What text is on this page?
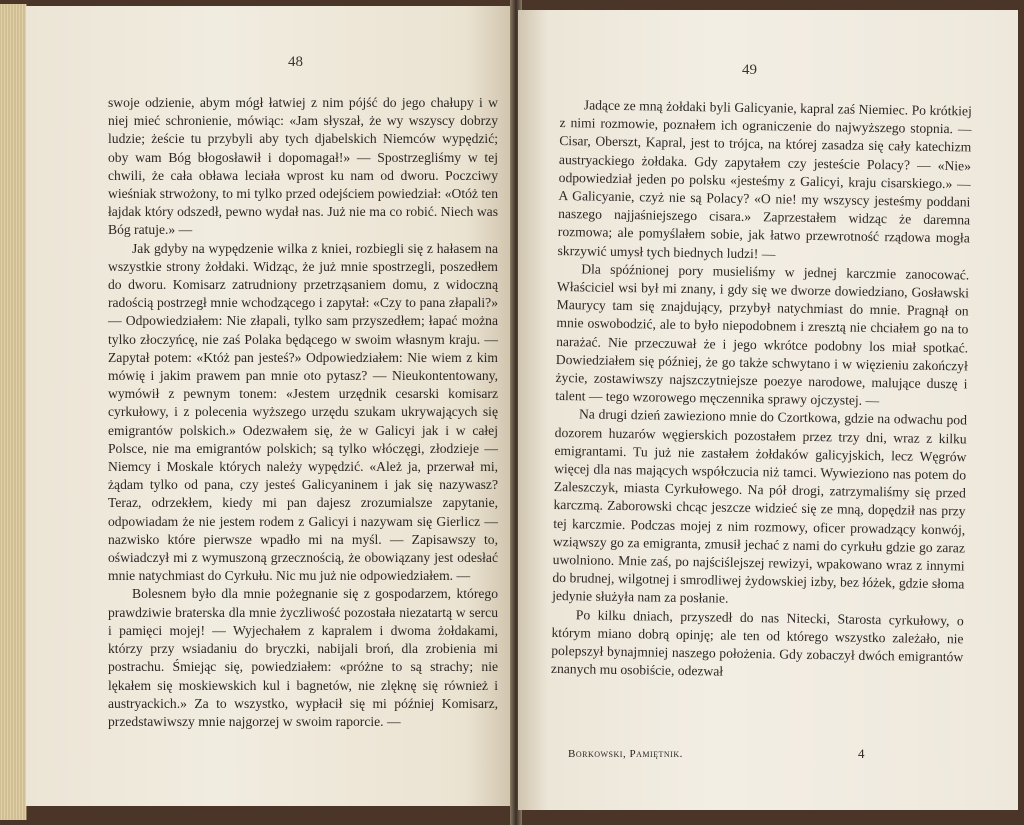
48

swoje odzienie, abym mógł łatwiej z nim pójść do jego chałupy i w niej mieć schronienie, mówiąc: «Jam słyszał, że wy wszyscy dobrzy ludzie; żeście tu przybyli aby tych djabelskich Niemców wypędzić; oby wam Bóg błogosławił i dopomagał!» — Spostrzegliśmy w tej chwili, że cała obława leciała wprost ku nam od dworu. Poczciwy wieśniak strwożony, to mi tylko przed odejściem powiedział: «Otóż ten łajdak który odszedł, pewno wydał nas. Już nie ma co robić. Niech was Bóg ratuje.» —

Jak gdyby na wypędzenie wilka z kniei, rozbiegli się z hałasem na wszystkie strony żołdaki. Widząc, że już mnie spostrzegli, poszedłem do dworu. Komisarz zatrudniony przetrząsaniem domu, z widoczną radością postrzegł mnie wchodzącego i zapytał: «Czy to pana złapali?» — Odpowiedziałem: Nie złapali, tylko sam przyszedłem; łapać można tylko złoczyńcę, nie zaś Polaka będącego w swoim własnym kraju. — Zapytał potem: «Któż pan jesteś?» Odpowiedziałem: Nie wiem z kim mówię i jakim prawem pan mnie oto pytasz? — Nieukontentowany, wymówił z pewnym tonem: «Jestem urzędnik cesarski komisarz cyrkułowy, i z polecenia wyższego urzędu szukam ukrywających się emigrantów polskich.» Odezwałem się, że w Galicyi jak i w całej Polsce, nie ma emigrantów polskich; są tylko włóczęgi, złodzieje — Niemcy i Moskale których należy wypędzić. «Ależ ja, przerwał mi, żądam tylko od pana, czy jesteś Galicyaninem i jak się nazywasz? Teraz, odrzekłem, kiedy mi pan dajesz zrozumialsze zapytanie, odpowiadam że nie jestem rodem z Galicyi i nazywam się Gierlicz — nazwisko które pierwsze wpadło mi na myśl. — Zapisawszy to, oświadczył mi z wymuszoną grzecznością, że obowiązany jest odesłać mnie natychmiast do Cyrkułu. Nic mu już nie odpowiedziałem. —

Bolesnem było dla mnie pożegnanie się z gospodarzem, którego prawdziwie braterska dla mnie życzliwość pozostała niezatartą w sercu i pamięci mojej! — Wyjechałem z kapralem i dwoma żołdakami, którzy przy wsiadaniu do bryczki, nabijali broń, dla zrobienia mi postrachu. Śmiejąc się, powiedziałem: «próżne to są strachy; nie lękałem się moskiewskich kul i bagnetów, nie zlęknę się również i austryackich.» Za to wszystko, wypłacił się mi później Komisarz, przedstawiwszy mnie najgorzej w swoim raporcie. —

49

Jadące ze mną żołdaki byli Galicyanie, kapral zaś Niemiec. Po krótkiej z nimi rozmowie, poznałem ich ograniczenie do najwyższego stopnia. — Cisar, Oberszt, Kapral, jest to trójca, na której zasadza się cały katechizm austryackiego żołdaka. Gdy zapytałem czy jesteście Polacy? — «Nie» odpowiedział jeden po polsku «jesteśmy z Galicyi, kraju cisarskiego.» — A Galicyanie, czyż nie są Polacy? «O nie! my wszyscy jesteśmy poddani naszego najjaśniejszego cisara.» Zaprzestałem widząc że daremna rozmowa; ale pomyślałem sobie, jak łatwo przewrotność rządowa mogła skrzywić umysł tych biednych ludzi! —

Dla spóźnionej pory musieliśmy w jednej karczmie zanocować. Właściciel wsi był mi znany, i gdy się we dworze dowiedziano, Gosławski Maurycy tam się znajdujący, przybył natychmiast do mnie. Pragnął on mnie oswobodzić, ale to było niepodobnem i zresztą nie chciałem go na to narażać. Nie przeczuwał że i jego wkrótce podobny los miał spotkać. Dowiedziałem się później, że go także schwytano i w więzieniu zakończył życie, zostawiwszy najszczytniejsze poezye narodowe, malujące duszę i talent — tego wzorowego męczennika sprawy ojczystej. —

Na drugi dzień zawieziono mnie do Czortkowa, gdzie na odwachu pod dozorem huzarów węgierskich pozostałem przez trzy dni, wraz z kilku emigrantami. Tu już nie zastałem żołdaków galicyjskich, lecz Węgrów więcej dla nas mających współczucia niż tamci. Wywieziono nas potem do Zaleszczyk, miasta Cyrkułowego. Na pół drogi, zatrzymaliśmy się przed karczmą. Zaborowski chcąc jeszcze widzieć się ze mną, dopędził nas przy tej karczmie. Podczas mojej z nim rozmowy, oficer prowadzący konwój, wziąwszy go za emigranta, zmusił jechać z nami do cyrkułu gdzie go zaraz uwolniono. Mnie zaś, po najściślejszej rewizyi, wpakowano wraz z innymi do brudnej, wilgotnej i smrodliwej żydowskiej izby, bez łóżek, gdzie słoma jedynie służyła nam za posłanie.

Po kilku dniach, przyszedł do nas Nitecki, Starosta cyrkułowy, o którym miano dobrą opinję; ale ten od którego wszystko zależało, nie polepszył bynajmniej naszego położenia. Gdy zobaczył dwóch emigrantów znanych mu osobiście, odezwał

Borkowski, Pamiętnik.	4
